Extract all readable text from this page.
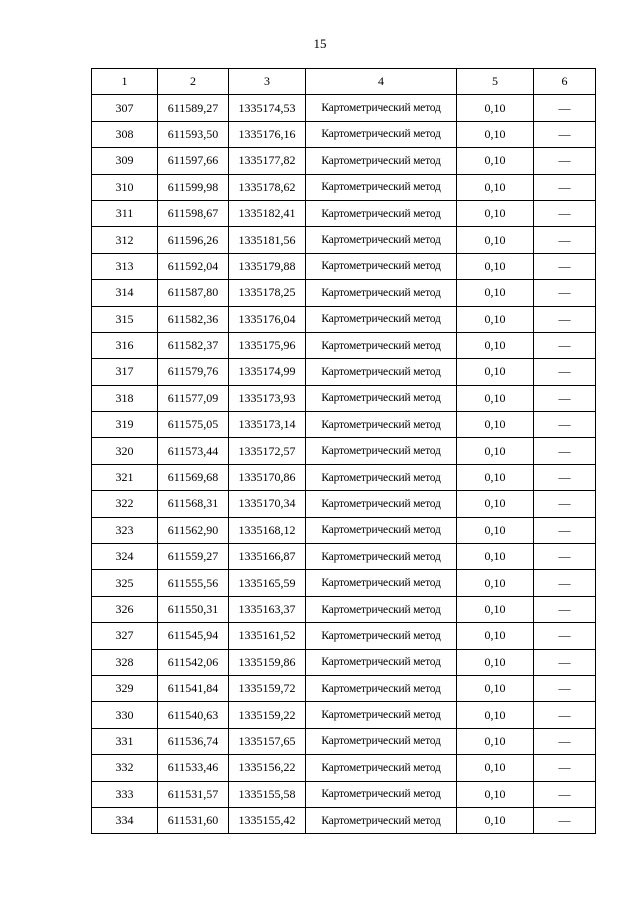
15
1	2	3	4	5	6
307	611589,27	1335174,53	Картометрический метод	0,10	—
308	611593,50	1335176,16	Картометрический метод	0,10	—
309	611597,66	1335177,82	Картометрический метод	0,10	—
310	611599,98	1335178,62	Картометрический метод	0,10	—
311	611598,67	1335182,41	Картометрический метод	0,10	—
312	611596,26	1335181,56	Картометрический метод	0,10	—
313	611592,04	1335179,88	Картометрический метод	0,10	—
314	611587,80	1335178,25	Картометрический метод	0,10	—
315	611582,36	1335176,04	Картометрический метод	0,10	—
316	611582,37	1335175,96	Картометрический метод	0,10	—
317	611579,76	1335174,99	Картометрический метод	0,10	—
318	611577,09	1335173,93	Картометрический метод	0,10	—
319	611575,05	1335173,14	Картометрический метод	0,10	—
320	611573,44	1335172,57	Картометрический метод	0,10	—
321	611569,68	1335170,86	Картометрический метод	0,10	—
322	611568,31	1335170,34	Картометрический метод	0,10	—
323	611562,90	1335168,12	Картометрический метод	0,10	—
324	611559,27	1335166,87	Картометрический метод	0,10	—
325	611555,56	1335165,59	Картометрический метод	0,10	—
326	611550,31	1335163,37	Картометрический метод	0,10	—
327	611545,94	1335161,52	Картометрический метод	0,10	—
328	611542,06	1335159,86	Картометрический метод	0,10	—
329	611541,84	1335159,72	Картометрический метод	0,10	—
330	611540,63	1335159,22	Картометрический метод	0,10	—
331	611536,74	1335157,65	Картометрический метод	0,10	—
332	611533,46	1335156,22	Картометрический метод	0,10	—
333	611531,57	1335155,58	Картометрический метод	0,10	—
334	611531,60	1335155,42	Картометрический метод	0,10	—
